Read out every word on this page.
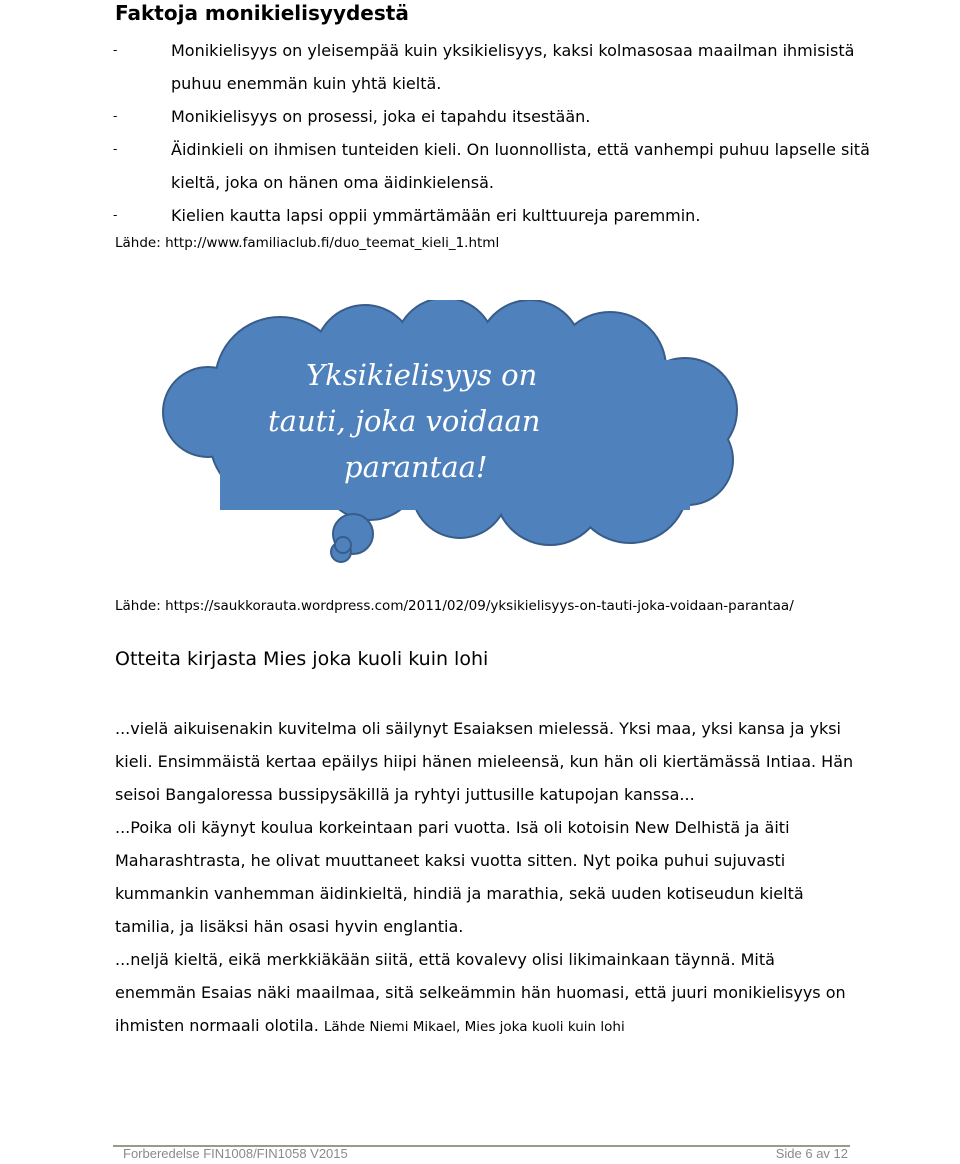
Faktoja monikielisyydestä
-	Monikielisyys on yleisempää kuin yksikielisyys, kaksi kolmasosaa maailman ihmisistä puhuu enemmän kuin yhtä kieltä.
-	Monikielisyys on prosessi, joka ei tapahdu itsestään.
-	Äidinkieli on ihmisen tunteiden kieli. On luonnollista, että vanhempi puhuu lapselle sitä kieltä, joka on hänen oma äidinkielensä.
-	Kielien kautta lapsi oppii ymmärtämään eri kulttuureja paremmin.

Lähde: http://www.familiaclub.fi/duo_teemat_kieli_1.html

Yksikielisyys on
tauti, joka voidaan
parantaa!

Lähde: https://saukkorauta.wordpress.com/2011/02/09/yksikielisyys-on-tauti-joka-voidaan-parantaa/

Otteita kirjasta Mies joka kuoli kuin lohi

...vielä aikuisenakin kuvitelma oli säilynyt Esaiaksen mielessä. Yksi maa, yksi kansa ja yksi kieli. Ensimmäistä kertaa epäilys hiipi hänen mieleensä, kun hän oli kiertämässä Intiaa. Hän seisoi Bangaloressa bussipysäkillä ja ryhtyi juttusille katupojan kanssa...

...Poika oli käynyt koulua korkeintaan pari vuotta. Isä oli kotoisin New Delhistä ja äiti Maharashtrasta, he olivat muuttaneet kaksi vuotta sitten. Nyt poika puhui sujuvasti kummankin vanhemman äidinkieltä, hindiä ja marathia, sekä uuden kotiseudun kieltä tamilia, ja lisäksi hän osasi hyvin englantia.

...neljä kieltä, eikä merkkiäkään siitä, että kovalevy olisi likimainkaan täynnä. Mitä enemmän Esaias näki maailmaa, sitä selkeämmin hän huomasi, että juuri monikielisyys on ihmisten normaali olotila. Lähde Niemi Mikael, Mies joka kuoli kuin lohi

Forberedelse FIN1008/FIN1058 V2015	Side 6 av 12
